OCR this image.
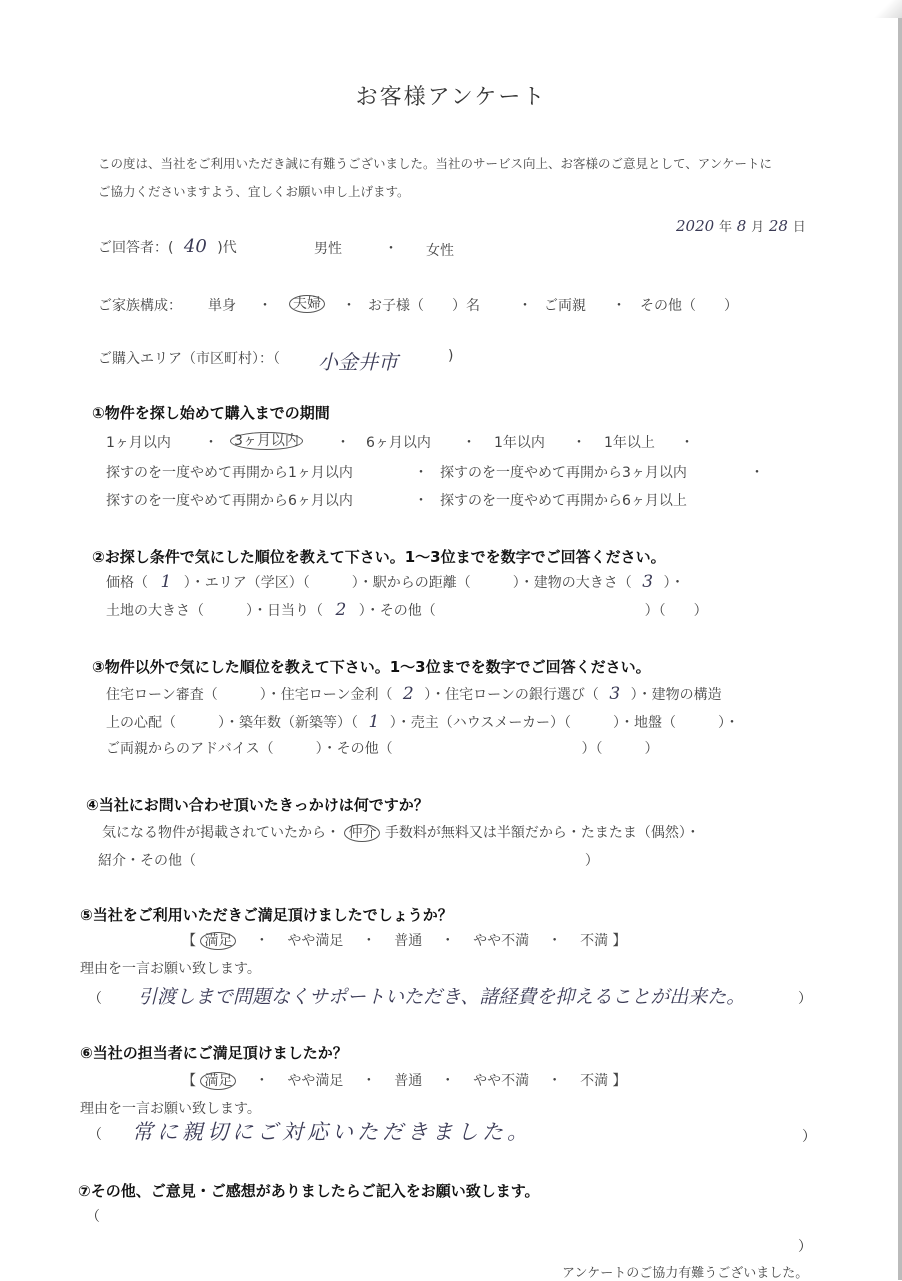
お客様アンケート
この度は、当社をご利用いただき誠に有難うございました。当社のサービス向上、お客様のご意見として、アンケートに
ご協力くださいますよう、宜しくお願い申し上げます。
2020 年 8 月 28 日
ご回答者：( 40 )代	男性	・ 女性
ご家族構成： 単身 ・ 夫婦 ・ お子様（　　）名	・ ご両親 ・ その他（　　）
ご購入エリア（市区町村）：（ 小金井市	)
①物件を探し始めて購入までの期間
1ヶ月以内 ・ 3ヶ月以内	・ 6ヶ月以内 ・ 1年以内 ・ 1年以上 ・
探すのを一度やめて再開から1ヶ月以内	・ 探すのを一度やめて再開から3ヶ月以内	・
探すのを一度やめて再開から6ヶ月以内	・ 探すのを一度やめて再開から6ヶ月以上
②お探し条件で気にした順位を教えて下さい。1～3位までを数字でご回答ください。
価格（ 1 ）・エリア（学区）（　　　）・駅からの距離（　　　）・建物の大きさ（ 3 ）・
土地の大きさ（　　　）・日当り（ 2 ）・その他（	）（　　）
③物件以外で気にした順位を教えて下さい。1～3位までを数字でご回答ください。
住宅ローン審査（　　　）・住宅ローン金利（ 2 ）・住宅ローンの銀行選び（ 3 ）・建物の構造
上の心配（　　　）・築年数（新築等）（ 1 ）・売主（ハウスメーカー）（　　　）・地盤（　　　）・
ご両親からのアドバイス（　　　）・その他（	）（　　　）
④当社にお問い合わせ頂いたきっかけは何ですか？
気になる物件が掲載されていたから・ 仲介 手数料が無料又は半額だから・たまたま（偶然）・
紹介・その他（	）
⑤当社をご利用いただきご満足頂けましたでしょうか？
【 満足 ・ やや満足 ・ 普通 ・ やや不満 ・ 不満 】
理由を一言お願い致します。
（ 引渡しまで問題なくサポートいただき、諸経費を抑えることが出来た。	）
⑥当社の担当者にご満足頂けましたか？
【 満足 ・ やや満足 ・ 普通 ・ やや不満 ・ 不満 】
理由を一言お願い致します。
（ 常に親切にご対応いただきました。	）
⑦その他、ご意見・ご感想がありましたらご記入をお願い致します。
（
）
アンケートのご協力有難うございました。
